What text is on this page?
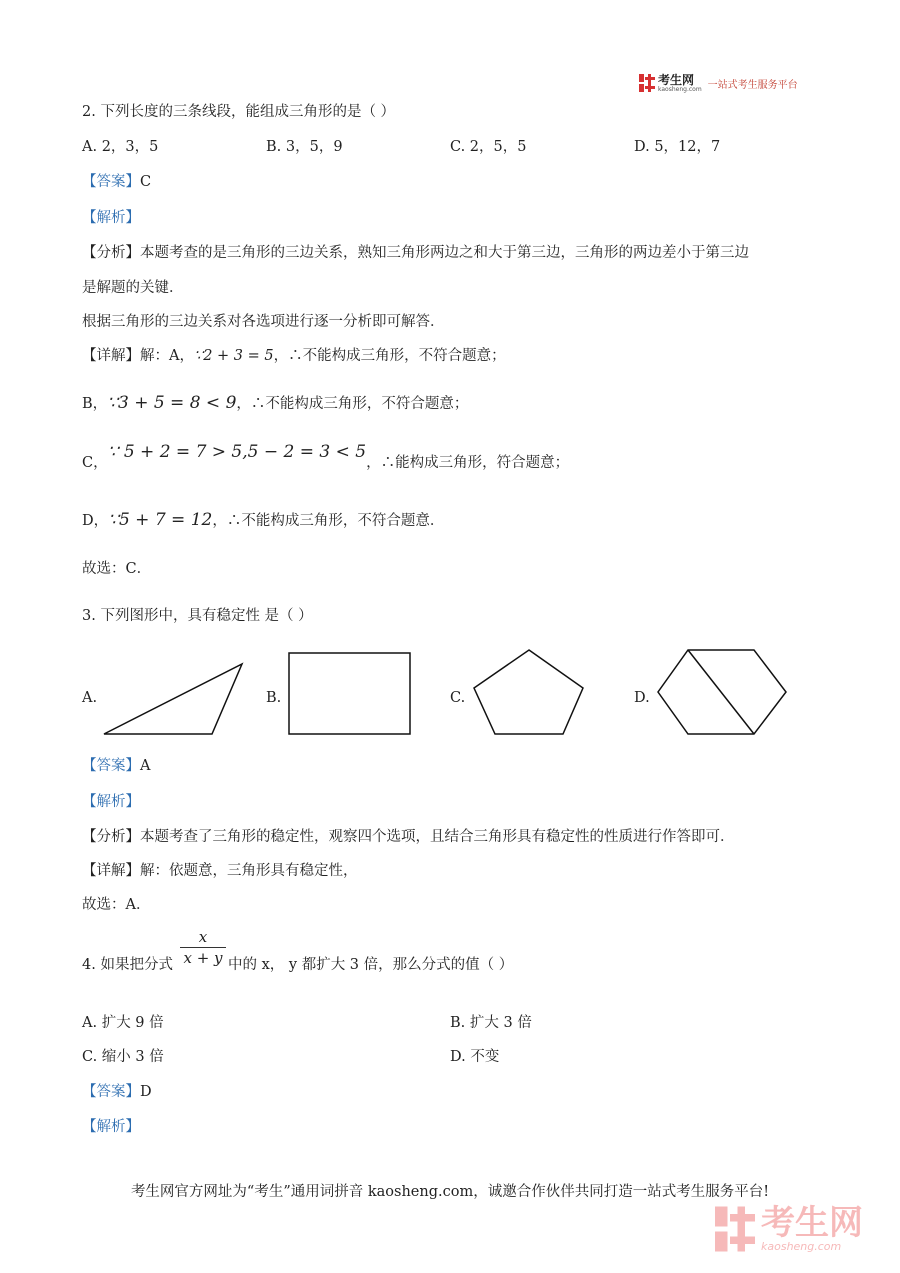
考生网
kaosheng.com 一站式考生服务平台
2. 下列长度的三条线段，能组成三角形的是（ ）
A. 2，3，5	B. 3，5，9	C. 2，5，5	D. 5，12，7
【答案】C
【解析】
【分析】本题考查的是三角形的三边关系，熟知三角形两边之和大于第三边，三角形的两边差小于第三边
是解题的关键．
根据三角形的三边关系对各选项进行逐一分析即可解答．
【详解】解：A，∵2 + 3 = 5，∴不能构成三角形，不符合题意；
B，∵3 + 5 = 8 < 9，∴不能构成三角形，不符合题意；
C，∵ 5 + 2 = 7 > 5,5 − 2 = 3 < 5，∴能构成三角形，符合题意；
D，∵5 + 7 = 12，∴不能构成三角形，不符合题意．
故选：C．
3. 下列图形中，具有稳定性 是（ ）
A.	B.	C.	D.
【答案】A
【解析】
【分析】本题考查了三角形的稳定性，观察四个选项，且结合三角形具有稳定性的性质进行作答即可．
【详解】解：依题意，三角形具有稳定性，
故选：A．
4. 如果把分式
x
x + y 中的 x， y 都扩大 3 倍，那么分式的值（ ）
A. 扩大 9 倍	B. 扩大 3 倍
C. 缩小 3 倍	D. 不变
【答案】D
【解析】
考生网官方网址为“考生”通用词拼音 kaosheng.com，诚邀合作伙伴共同打造一站式考生服务平台!
考生网
kaosheng.com
